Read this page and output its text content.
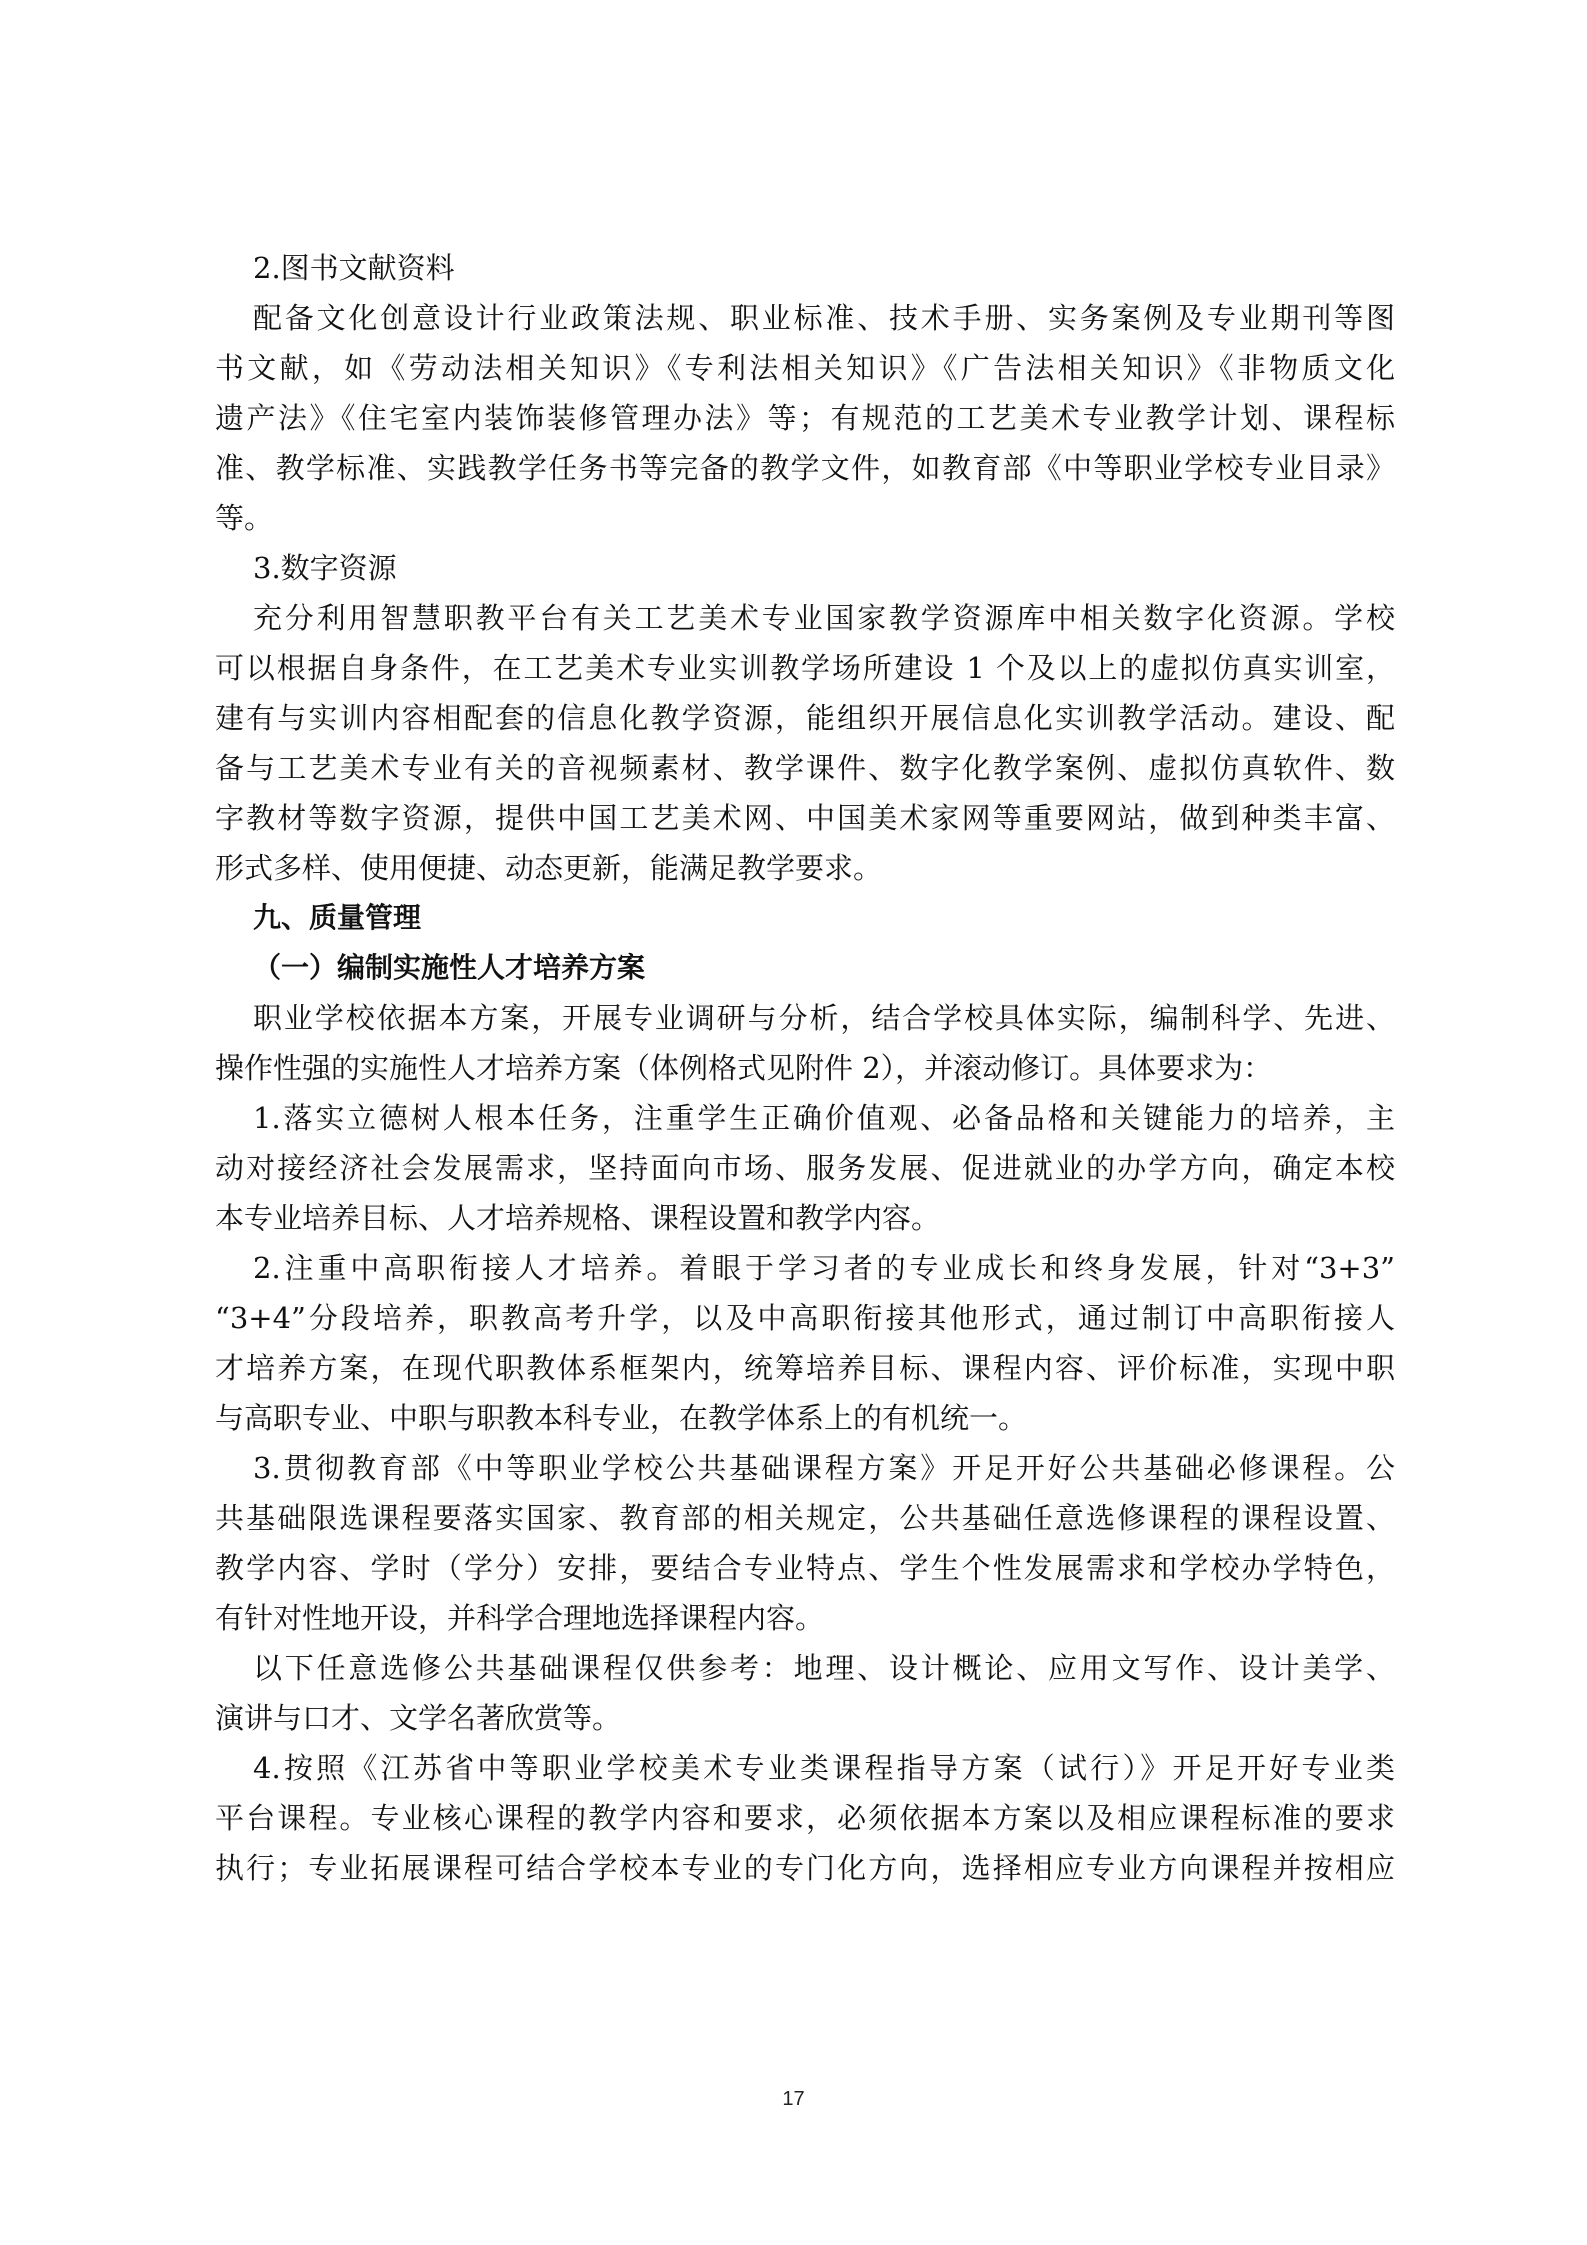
2.图书文献资料
配备文化创意设计行业政策法规、职业标准、技术手册、实务案例及专业期刊等图
书文献，如《劳动法相关知识》《专利法相关知识》《广告法相关知识》《非物质文化
遗产法》《住宅室内装饰装修管理办法》等；有规范的工艺美术专业教学计划、课程标
准、教学标准、实践教学任务书等完备的教学文件，如教育部《中等职业学校专业目录》
等。
3.数字资源
充分利用智慧职教平台有关工艺美术专业国家教学资源库中相关数字化资源。学校
可以根据自身条件，在工艺美术专业实训教学场所建设 1 个及以上的虚拟仿真实训室，
建有与实训内容相配套的信息化教学资源，能组织开展信息化实训教学活动。建设、配
备与工艺美术专业有关的音视频素材、教学课件、数字化教学案例、虚拟仿真软件、数
字教材等数字资源，提供中国工艺美术网、中国美术家网等重要网站，做到种类丰富、
形式多样、使用便捷、动态更新，能满足教学要求。
九、质量管理
（一）编制实施性人才培养方案
职业学校依据本方案，开展专业调研与分析，结合学校具体实际，编制科学、先进、
操作性强的实施性人才培养方案（体例格式见附件 2），并滚动修订。具体要求为：
1.落实立德树人根本任务，注重学生正确价值观、必备品格和关键能力的培养，主
动对接经济社会发展需求，坚持面向市场、服务发展、促进就业的办学方向，确定本校
本专业培养目标、人才培养规格、课程设置和教学内容。
2.注重中高职衔接人才培养。着眼于学习者的专业成长和终身发展，针对“3+3”
“3+4”分段培养，职教高考升学，以及中高职衔接其他形式，通过制订中高职衔接人
才培养方案，在现代职教体系框架内，统筹培养目标、课程内容、评价标准，实现中职
与高职专业、中职与职教本科专业，在教学体系上的有机统一。
3.贯彻教育部《中等职业学校公共基础课程方案》开足开好公共基础必修课程。公
共基础限选课程要落实国家、教育部的相关规定，公共基础任意选修课程的课程设置、
教学内容、学时（学分）安排，要结合专业特点、学生个性发展需求和学校办学特色，
有针对性地开设，并科学合理地选择课程内容。
以下任意选修公共基础课程仅供参考：地理、设计概论、应用文写作、设计美学、
演讲与口才、文学名著欣赏等。
4.按照《江苏省中等职业学校美术专业类课程指导方案（试行）》开足开好专业类
平台课程。专业核心课程的教学内容和要求，必须依据本方案以及相应课程标准的要求
执行；专业拓展课程可结合学校本专业的专门化方向，选择相应专业方向课程并按相应
17
